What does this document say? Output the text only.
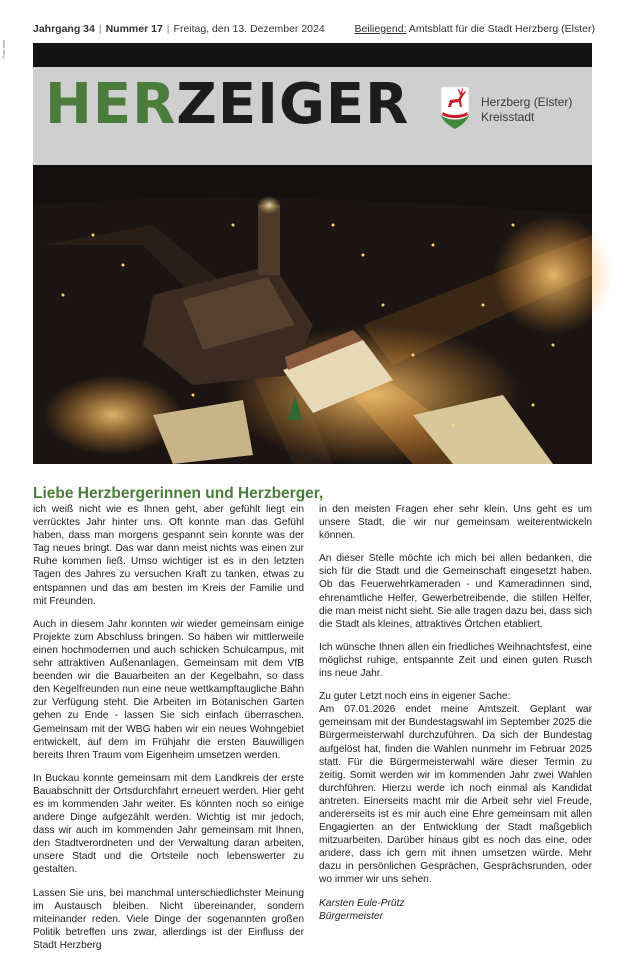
Foto: mml
Jahrgang 34 | Nummer 17 | Freitag, den 13. Dezember 2024	Beiliegend: Amtsblatt für die Stadt Herzberg (Elster)
HERZEIGER	Herzberg (Elster)
Kreisstadt
Liebe Herzbergerinnen und Herzberger,

ich weiß nicht wie es Ihnen geht, aber gefühlt liegt ein verrücktes Jahr hinter uns. Oft konnte man das Gefühl haben, dass man morgens gespannt sein konnte was der Tag neues bringt. Das war dann meist nichts was einen zur Ruhe kommen ließ. Umso wichtiger ist es in den letzten Tagen des Jahres zu versuchen Kraft zu tanken, etwas zu entspannen und das am besten im Kreis der Familie und mit Freunden.

Auch in diesem Jahr konnten wir wieder gemeinsam einige Projekte zum Abschluss bringen. So haben wir mittlerweile einen hochmodernen und auch schicken Schulcampus, mit sehr attraktiven Außenanlagen. Gemeinsam mit dem VfB beenden wir die Bauarbeiten an der Kegelbahn, so dass den Kegelfreunden nun eine neue wettkampftaugliche Bahn zur Verfügung steht. Die Arbeiten im Botanischen Garten gehen zu Ende - lassen Sie sich einfach überraschen. Gemeinsam mit der WBG haben wir ein neues Wohngebiet entwickelt, auf dem im Frühjahr die ersten Bauwilligen bereits Ihren Traum vom Eigenheim umsetzen werden.

In Buckau konnte gemeinsam mit dem Landkreis der erste Bauabschnitt der Ortsdurchfahrt erneuert werden. Hier geht es im kommenden Jahr weiter. Es könnten noch so einige andere Dinge aufgezählt werden. Wichtig ist mir jedoch, dass wir auch im kommenden Jahr gemeinsam mit Ihnen, den Stadtverordneten und der Verwaltung daran arbeiten, unsere Stadt und die Ortsteile noch lebenswerter zu gestalten.

Lassen Sie uns, bei manchmal unterschiedlichster Meinung im Austausch bleiben. Nicht übereinander, sondern miteinander reden. Viele Dinge der sogenannten großen Politik betreffen uns zwar, allerdings ist der Einfluss der Stadt Herzberg

in den meisten Fragen eher sehr klein. Uns geht es um unsere Stadt, die wir nur gemeinsam weiterentwickeln können.

An dieser Stelle möchte ich mich bei allen bedanken, die sich für die Stadt und die Gemeinschaft eingesetzt haben. Ob das Feuerwehrkameraden - und Kameradinnen sind, ehrenamtliche Helfer, Gewerbetreibende, die stillen Helfer, die man meist nicht sieht. Sie alle tragen dazu bei, dass sich die Stadt als kleines, attraktives Örtchen etabliert.

Ich wünsche Ihnen allen ein friedliches Weihnachtsfest, eine möglichst ruhige, entspannte Zeit und einen guten Rusch ins neue Jahr.

Zu guter Letzt noch eins in eigener Sache:
Am 07.01.2026 endet meine Amtszeit. Geplant war gemeinsam mit der Bundestagswahl im September 2025 die Bürgermeisterwahl durchzuführen. Da sich der Bundestag aufgelöst hat, finden die Wahlen nunmehr im Februar 2025 statt. Für die Bürgermeisterwahl wäre dieser Termin zu zeitig. Somit werden wir im kommenden Jahr zwei Wahlen durchführen. Hierzu werde ich noch einmal als Kandidat antreten. Einerseits macht mir die Arbeit sehr viel Freude, andererseits ist es mir auch eine Ehre gemeinsam mit allen Engagierten an der Entwicklung der Stadt maßgeblich mitzuarbeiten. Darüber hinaus gibt es noch das eine, oder andere, dass ich gern mit ihnen umsetzen würde. Mehr dazu in persönlichen Gesprächen, Gesprächsrunden, oder wo immer wir uns sehen.

Karsten Eule-Prütz
Bürgermeister
